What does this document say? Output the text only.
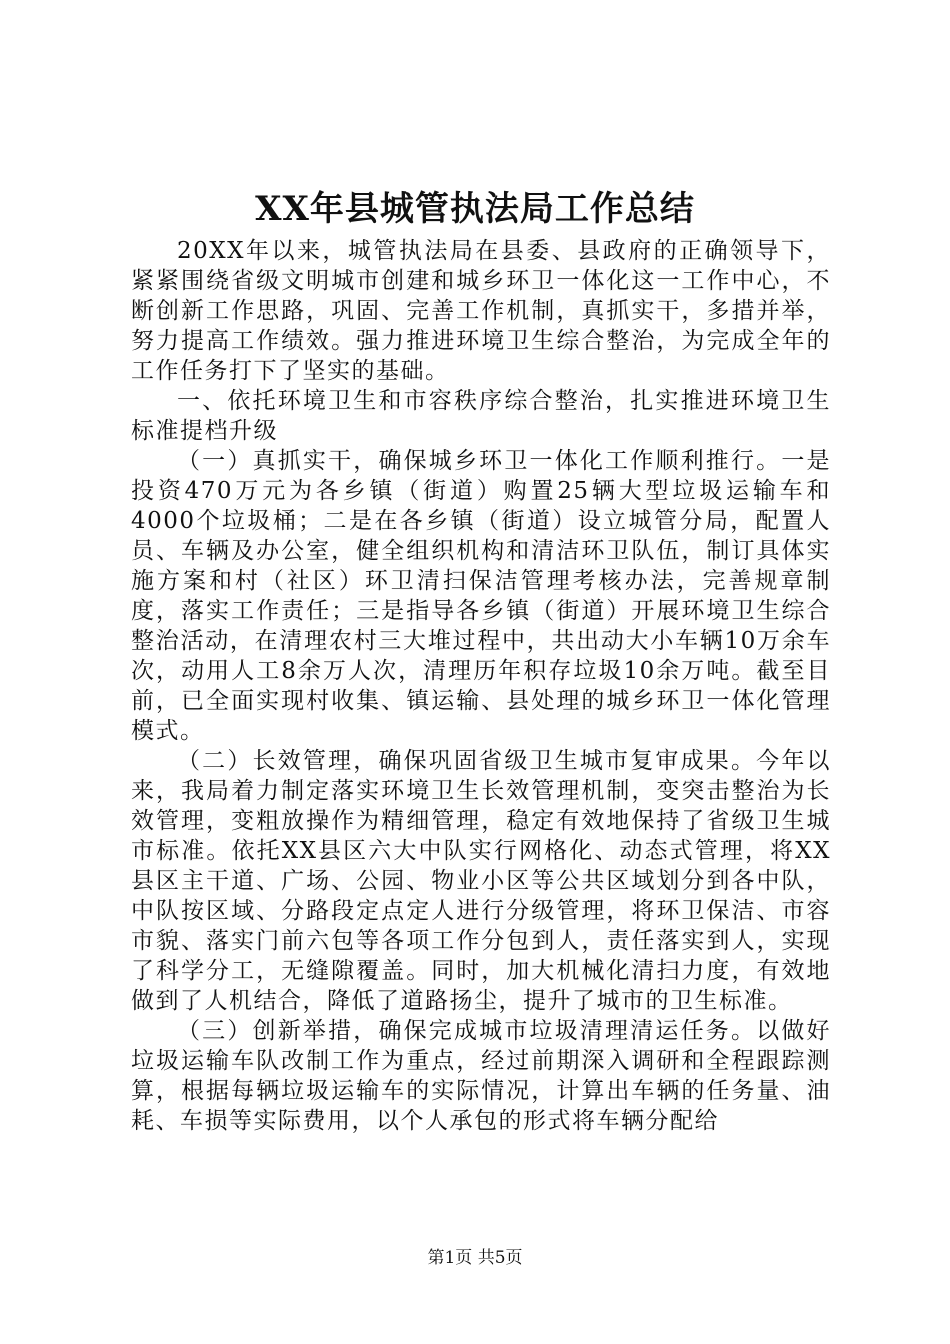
XX年县城管执法局工作总结

20XX年以来，城管执法局在县委、县政府的正确领导下，紧紧围绕省级文明城市创建和城乡环卫一体化这一工作中心，不断创新工作思路，巩固、完善工作机制，真抓实干，多措并举，努力提高工作绩效。强力推进环境卫生综合整治，为完成全年的工作任务打下了坚实的基础。

一、依托环境卫生和市容秩序综合整治，扎实推进环境卫生标准提档升级

（一）真抓实干，确保城乡环卫一体化工作顺利推行。一是投资470万元为各乡镇（街道）购置25辆大型垃圾运输车和4000个垃圾桶；二是在各乡镇（街道）设立城管分局，配置人员、车辆及办公室，健全组织机构和清洁环卫队伍，制订具体实施方案和村（社区）环卫清扫保洁管理考核办法，完善规章制度，落实工作责任；三是指导各乡镇（街道）开展环境卫生综合整治活动，在清理农村三大堆过程中，共出动大小车辆10万余车次，动用人工8余万人次，清理历年积存垃圾10余万吨。截至目前，已全面实现村收集、镇运输、县处理的城乡环卫一体化管理模式。

（二）长效管理，确保巩固省级卫生城市复审成果。今年以来，我局着力制定落实环境卫生长效管理机制，变突击整治为长效管理，变粗放操作为精细管理，稳定有效地保持了省级卫生城市标准。依托XX县区六大中队实行网格化、动态式管理，将XX县区主干道、广场、公园、物业小区等公共区域划分到各中队，中队按区域、分路段定点定人进行分级管理，将环卫保洁、市容市貌、落实门前六包等各项工作分包到人，责任落实到人，实现了科学分工，无缝隙覆盖。同时，加大机械化清扫力度，有效地做到了人机结合，降低了道路扬尘，提升了城市的卫生标准。

（三）创新举措，确保完成城市垃圾清理清运任务。以做好垃圾运输车队改制工作为重点，经过前期深入调研和全程跟踪测算，根据每辆垃圾运输车的实际情况，计算出车辆的任务量、油耗、车损等实际费用，以个人承包的形式将车辆分配给

第1页 共5页
